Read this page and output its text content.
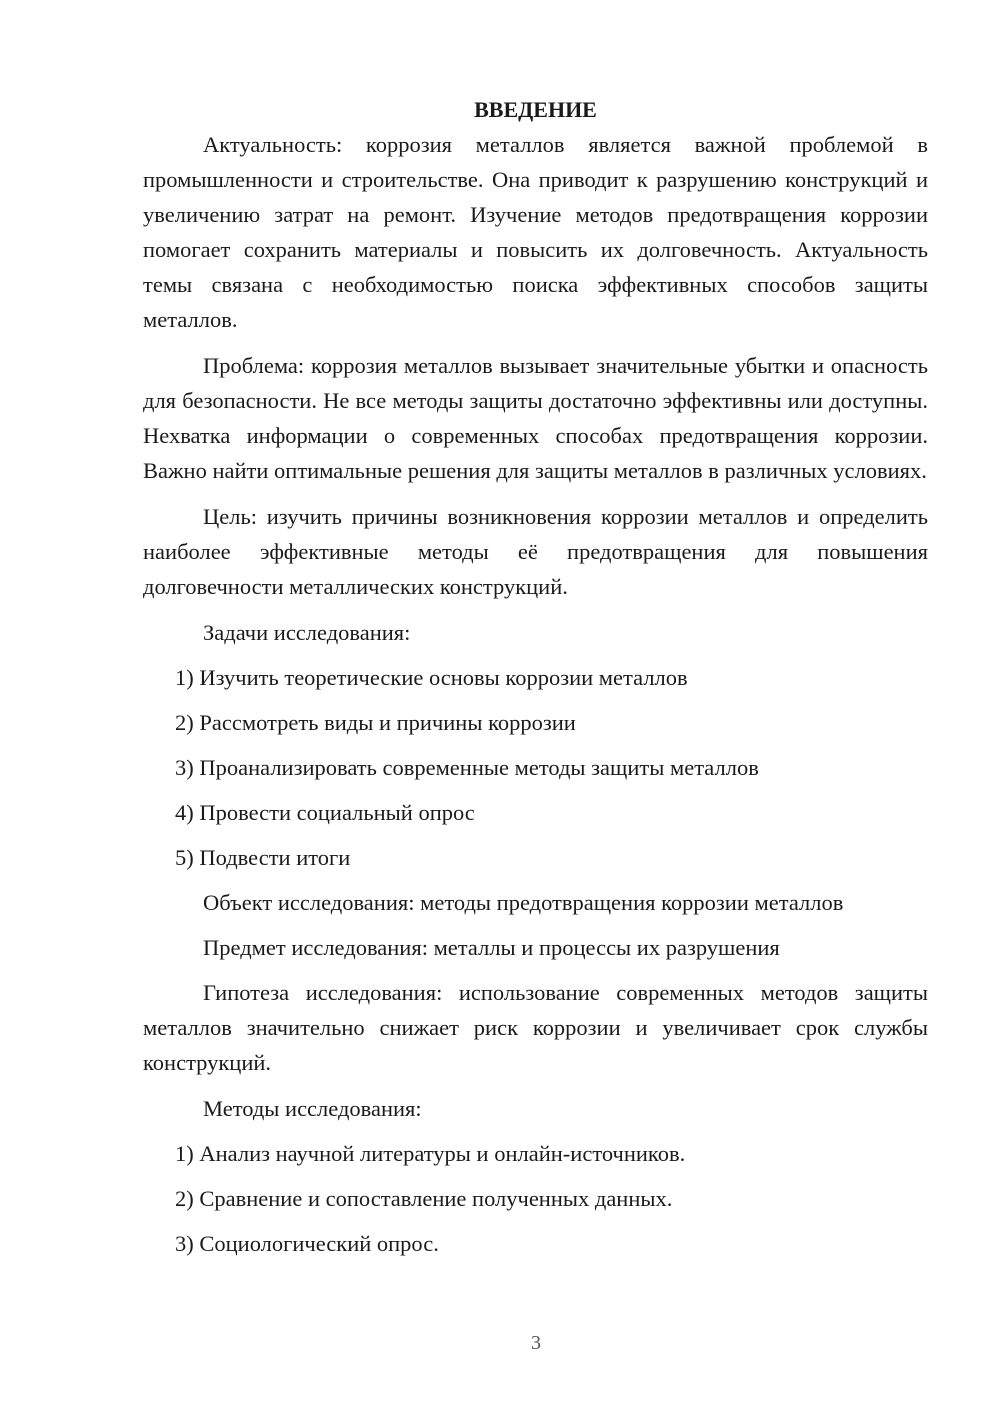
ВВЕДЕНИЕ

Актуальность: коррозия металлов является важной проблемой в промышленности и строительстве. Она приводит к разрушению конструкций и увеличению затрат на ремонт. Изучение методов предотвращения коррозии помогает сохранить материалы и повысить их долговечность. Актуальность темы связана с необходимостью поиска эффективных способов защиты металлов.

Проблема: коррозия металлов вызывает значительные убытки и опасность для безопасности. Не все методы защиты достаточно эффективны или доступны. Нехватка информации о современных способах предотвращения коррозии. Важно найти оптимальные решения для защиты металлов в различных условиях.

Цель: изучить причины возникновения коррозии металлов и определить наиболее эффективные методы её предотвращения для повышения долговечности металлических конструкций.

Задачи исследования:

1) Изучить теоретические основы коррозии металлов

2) Рассмотреть виды и причины коррозии

3) Проанализировать современные методы защиты металлов

4) Провести социальный опрос

5) Подвести итоги

Объект исследования: методы предотвращения коррозии металлов

Предмет исследования: металлы и процессы их разрушения

Гипотеза исследования: использование современных методов защиты металлов значительно снижает риск коррозии и увеличивает срок службы конструкций.

Методы исследования:

1) Анализ научной литературы и онлайн-источников.

2) Сравнение и сопоставление полученных данных.

3) Социологический опрос.

3
